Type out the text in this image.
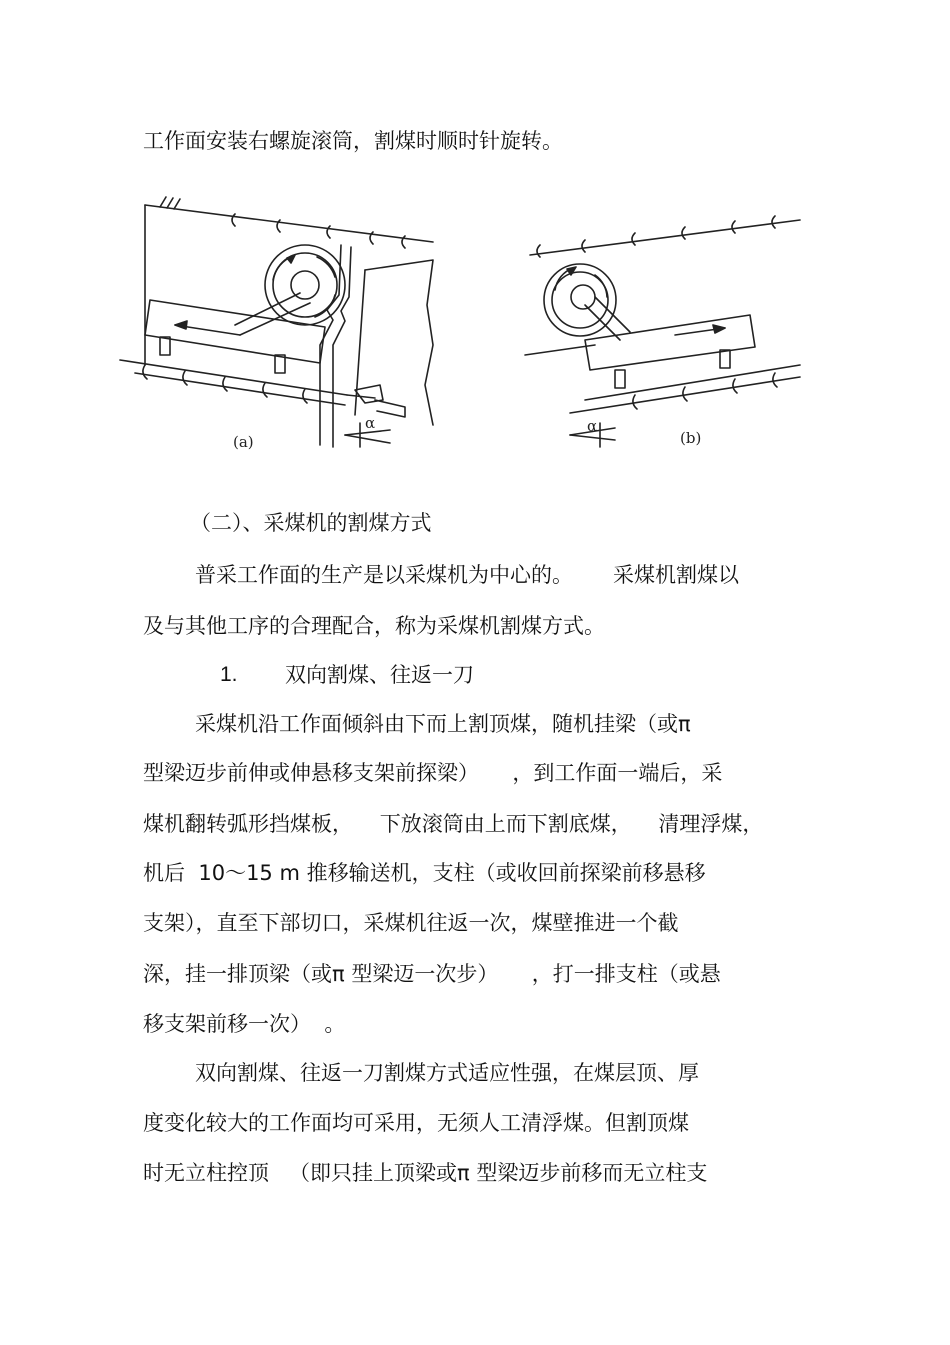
工作面安装右螺旋滚筒，割煤时顺时针旋转。
(a)	(b)
α	α
（二）、采煤机的割煤方式
普采工作面的生产是以采煤机为中心的。      采煤机割煤以
及与其他工序的合理配合，称为采煤机割煤方式。
1. 双向割煤、往返一刀
采煤机沿工作面倾斜由下而上割顶煤，随机挂梁（或π
型梁迈步前伸或伸悬移支架前探梁）     ，到工作面一端后，采
煤机翻转弧形挡煤板，    下放滚筒由上而下割底煤，    清理浮煤，
机后  10～15 m 推移输送机，支柱（或收回前探梁前移悬移
支架），直至下部切口，采煤机往返一次，煤壁推进一个截
深，挂一排顶梁（或π 型梁迈一次步）     ，打一排支柱（或悬
移支架前移一次）  。
双向割煤、往返一刀割煤方式适应性强，在煤层顶、厚
度变化较大的工作面均可采用，无须人工清浮煤。但割顶煤
时无立柱控顶   （即只挂上顶梁或π 型梁迈步前移而无立柱支
